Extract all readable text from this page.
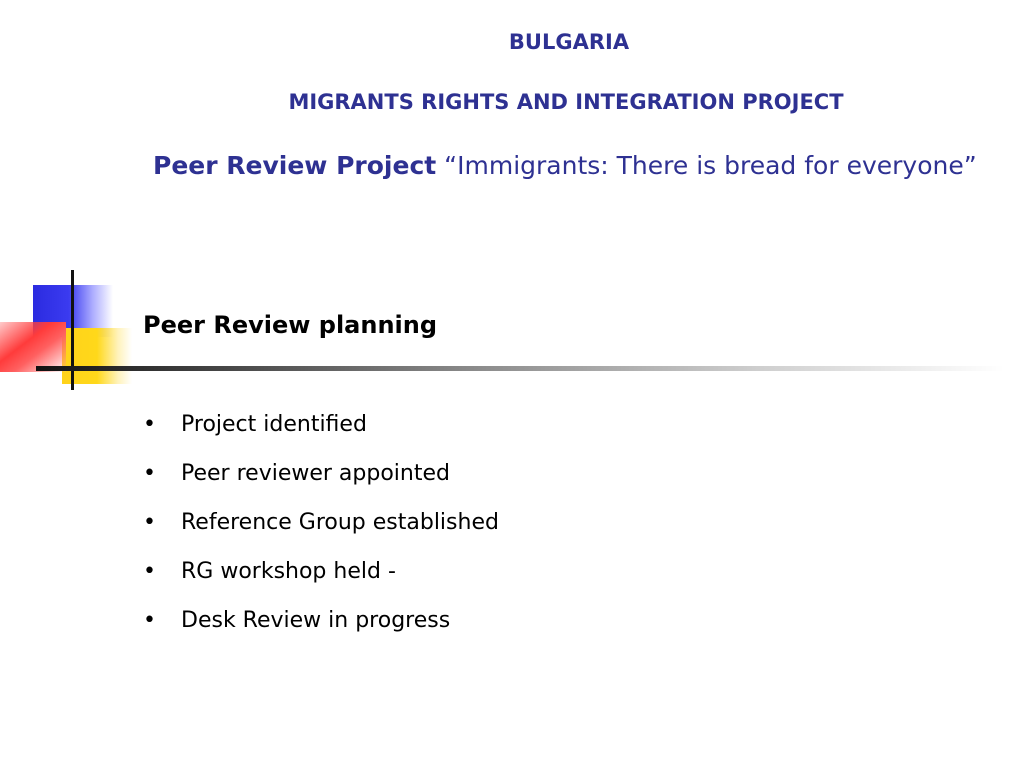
BULGARIA
MIGRANTS RIGHTS AND INTEGRATION PROJECT
Peer Review Project “Immigrants: There is bread for everyone”
Peer Review planning
• Project identified
• Peer reviewer appointed
• Reference Group established
• RG workshop held -
• Desk Review in progress
